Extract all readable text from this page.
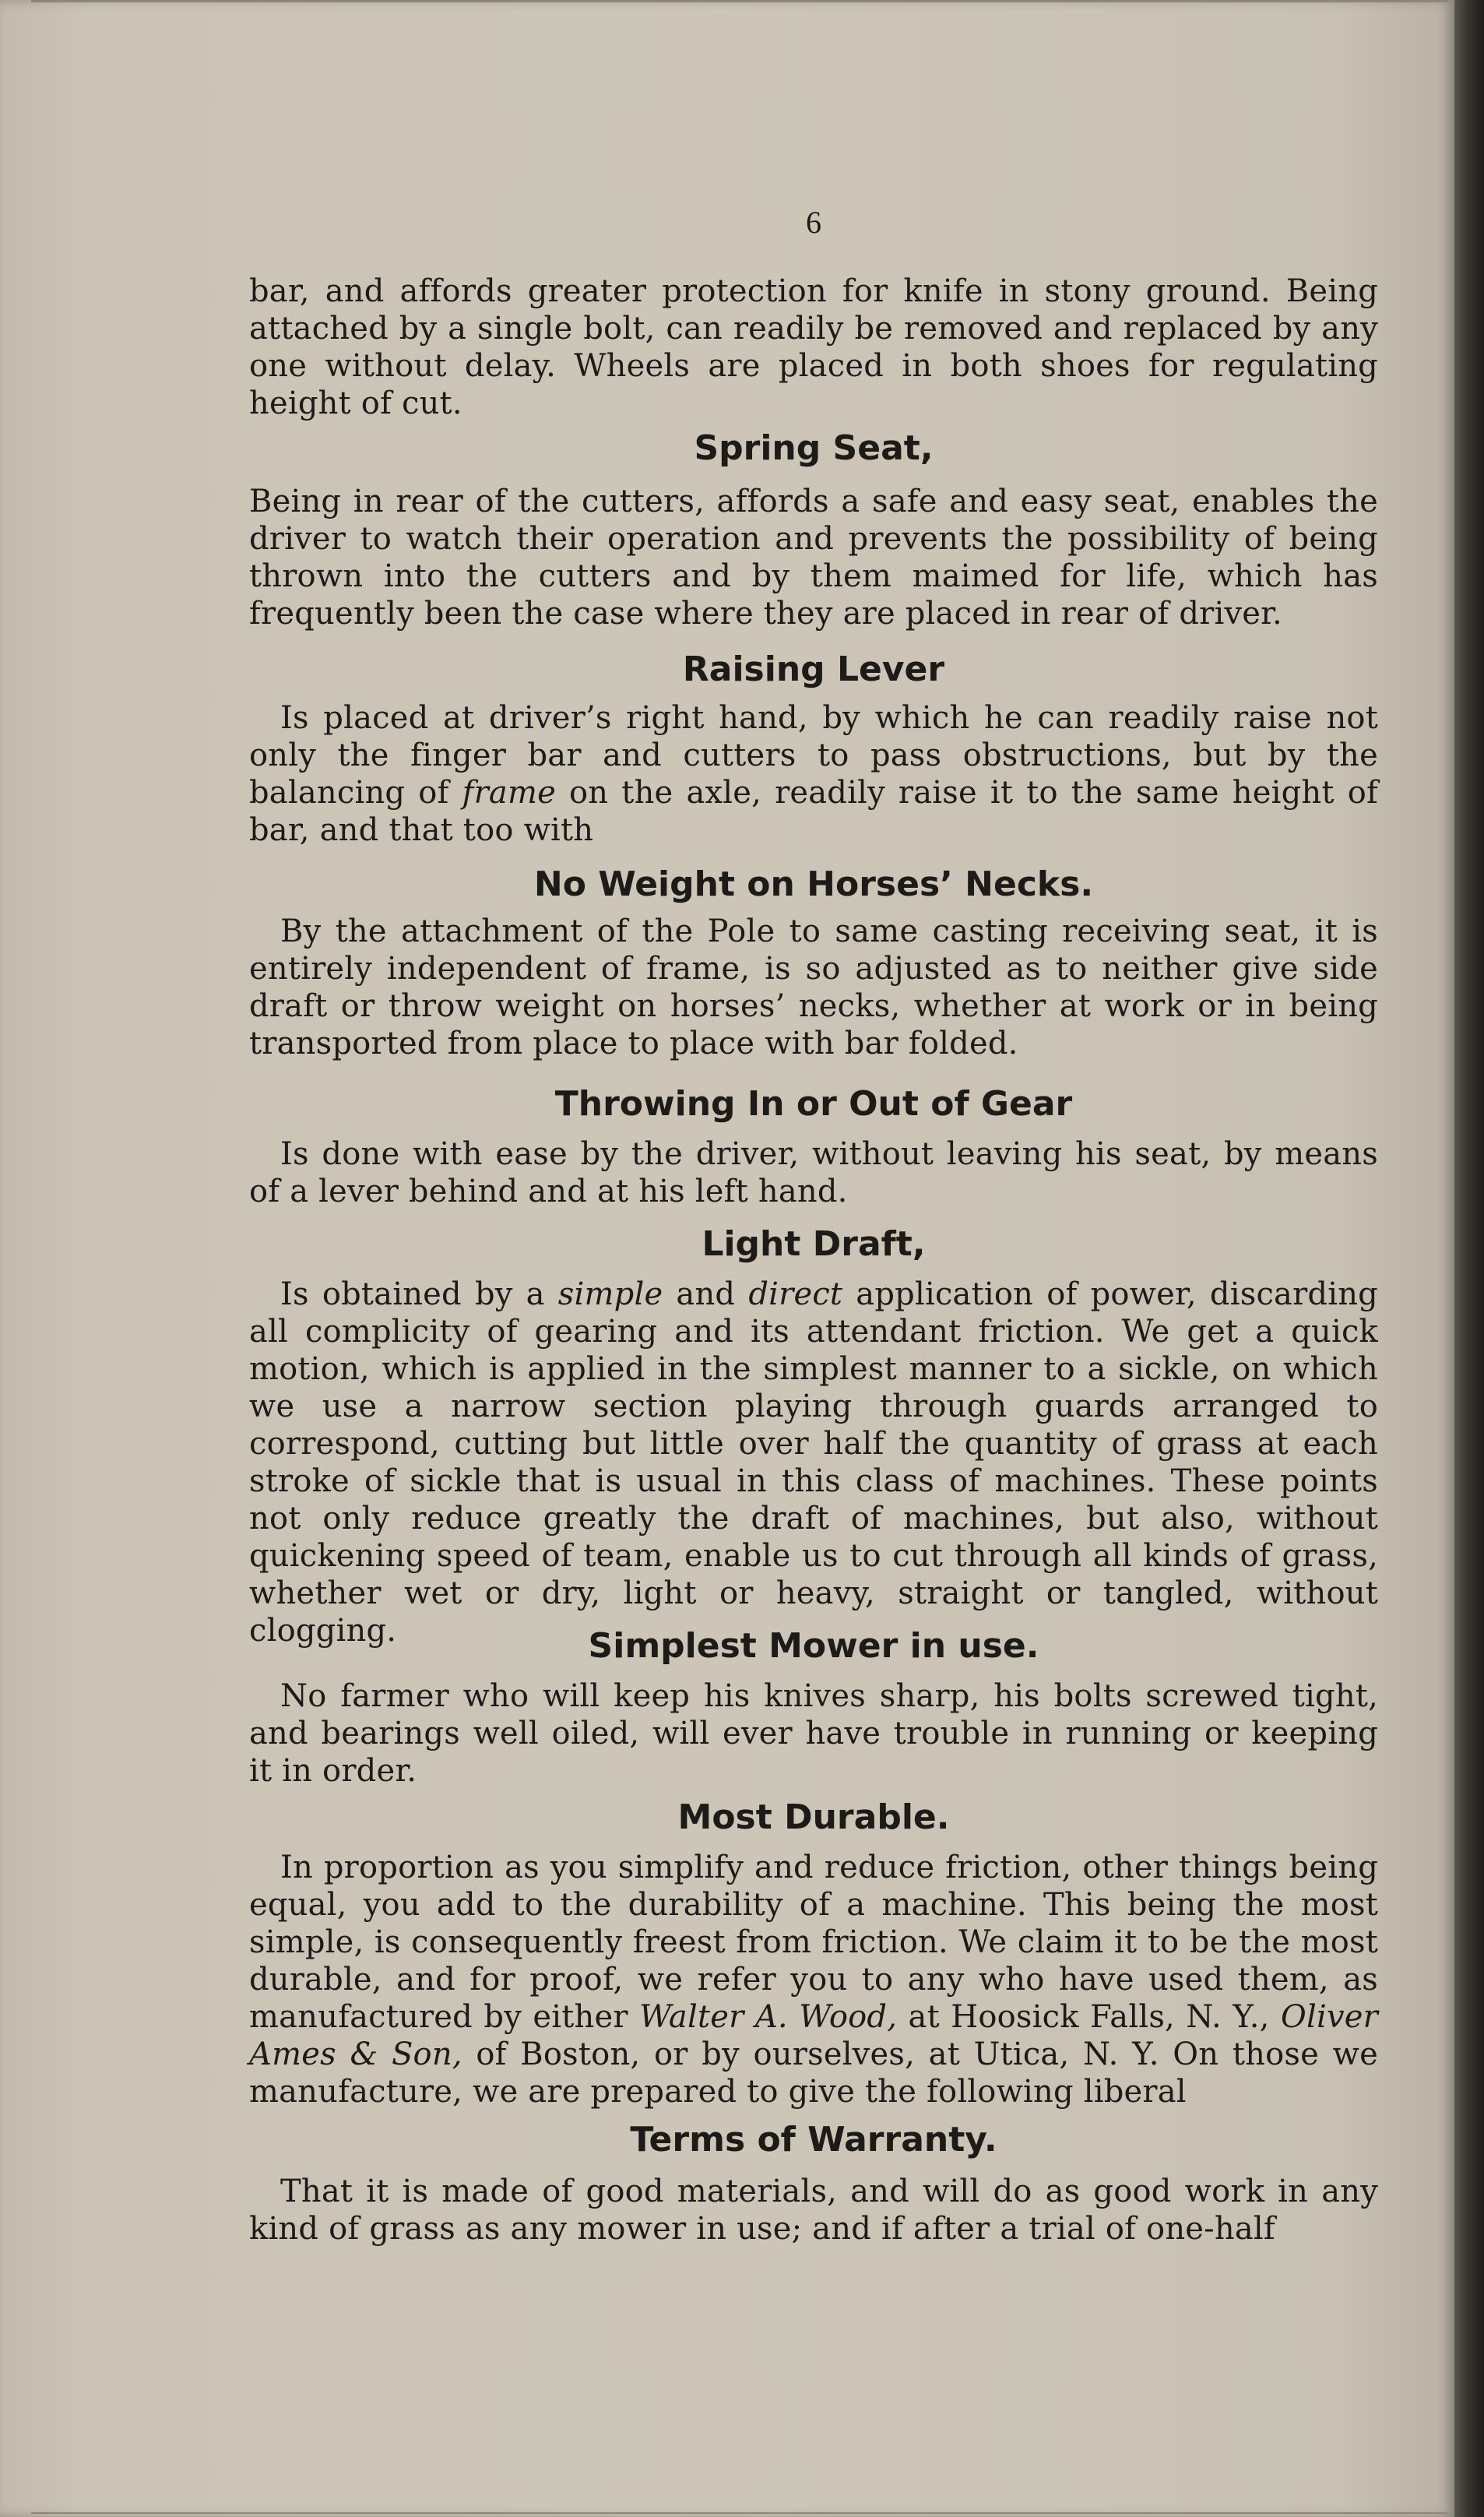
6

bar, and affords greater protection for knife in stony ground. Being attached by a single bolt, can readily be removed and replaced by any one without delay. Wheels are placed in both shoes for regulating height of cut.

Spring Seat,

Being in rear of the cutters, affords a safe and easy seat, enables the driver to watch their operation and prevents the possibility of being thrown into the cutters and by them maimed for life, which has frequently been the case where they are placed in rear of driver.

Raising Lever

Is placed at driver’s right hand, by which he can readily raise not only the finger bar and cutters to pass obstructions, but by the balancing of frame on the axle, readily raise it to the same height of bar, and that too with

No Weight on Horses’ Necks.

By the attachment of the Pole to same casting receiving seat, it is entirely independent of frame, is so adjusted as to neither give side draft or throw weight on horses’ necks, whether at work or in being transported from place to place with bar folded.

Throwing In or Out of Gear

Is done with ease by the driver, without leaving his seat, by means of a lever behind and at his left hand.

Light Draft,

Is obtained by a simple and direct application of power, discarding all complicity of gearing and its attendant friction. We get a quick motion, which is applied in the simplest manner to a sickle, on which we use a narrow section playing through guards arranged to correspond, cutting but little over half the quantity of grass at each stroke of sickle that is usual in this class of machines. These points not only reduce greatly the draft of machines, but also, without quickening speed of team, enable us to cut through all kinds of grass, whether wet or dry, light or heavy, straight or tangled, without clogging.	Simplest Mower in use.

No farmer who will keep his knives sharp, his bolts screwed tight, and bearings well oiled, will ever have trouble in running or keeping it in order.

Most Durable.

In proportion as you simplify and reduce friction, other things being equal, you add to the durability of a machine. This being the most simple, is consequently freest from friction. We claim it to be the most durable, and for proof, we refer you to any who have used them, as manufactured by either Walter A. Wood, at Hoosick Falls, N. Y., Oliver Ames & Son, of Boston, or by ourselves, at Utica, N. Y. On those we manufacture, we are prepared to give the following liberal

Terms of Warranty.

That it is made of good materials, and will do as good work in any kind of grass as any mower in use; and if after a trial of one-half
